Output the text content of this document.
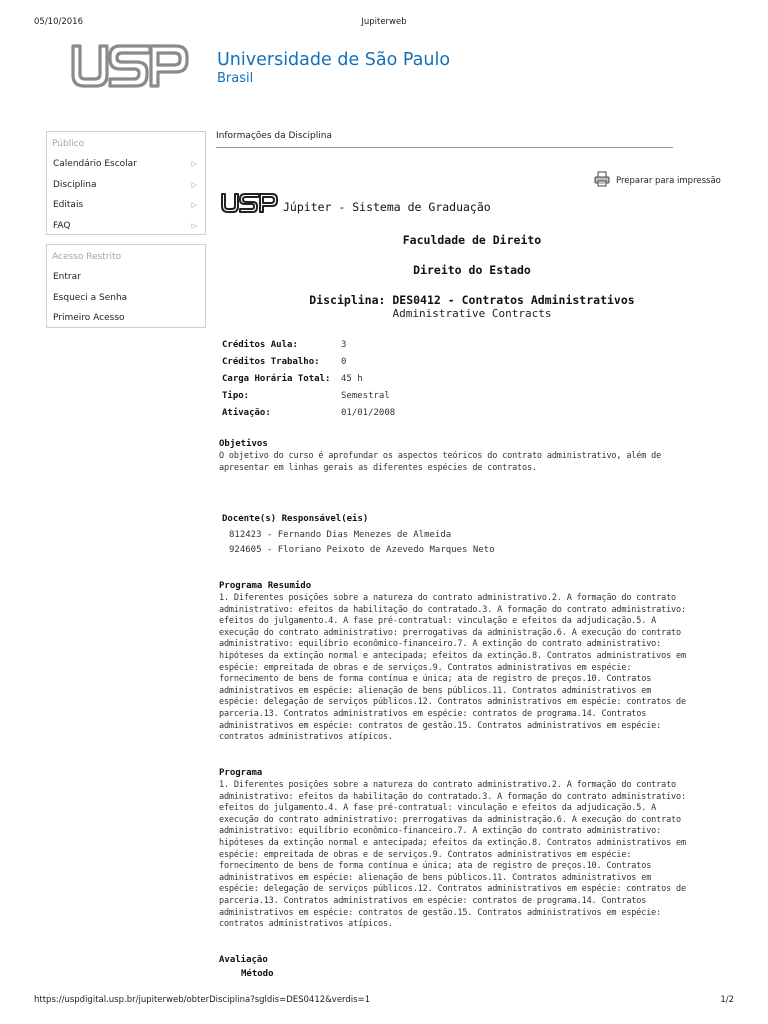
05/10/2016	Jupiterweb
Universidade de São Paulo
Brasil
Público
Calendário Escolar	▷
Disciplina	▷
Editais	▷
FAQ	▷
Acesso Restrito
Entrar
Esqueci a Senha
Primeiro Acesso
Informações da Disciplina
Preparar para impressão
Júpiter - Sistema de Graduação
Faculdade de Direito
Direito do Estado
Disciplina: DES0412 - Contratos Administrativos
Administrative Contracts
Créditos Aula:	3
Créditos Trabalho: 0
Carga Horária Total: 45 h
Tipo:	Semestral
Ativação:	01/01/2008
Objetivos
O objetivo do curso é aprofundar os aspectos teóricos do contrato administrativo, além de apresentar em linhas gerais as diferentes espécies de contratos.
Docente(s) Responsável(eis)
812423 - Fernando Dias Menezes de Almeida
924605 - Floriano Peixoto de Azevedo Marques Neto
Programa Resumido
1. Diferentes posições sobre a natureza do contrato administrativo.2. A formação do contrato administrativo: efeitos da habilitação do contratado.3. A formação do contrato administrativo: efeitos do julgamento.4. A fase pré-contratual: vinculação e efeitos da adjudicação.5. A execução do contrato administrativo: prerrogativas da administração.6. A execução do contrato administrativo: equilíbrio econômico-financeiro.7. A extinção do contrato administrativo: hipóteses da extinção normal e antecipada; efeitos da extinção.8. Contratos administrativos em espécie: empreitada de obras e de serviços.9. Contratos administrativos em espécie: fornecimento de bens de forma contínua e única; ata de registro de preços.10. Contratos administrativos em espécie: alienação de bens públicos.11. Contratos administrativos em espécie: delegação de serviços públicos.12. Contratos administrativos em espécie: contratos de parceria.13. Contratos administrativos em espécie: contratos de programa.14. Contratos administrativos em espécie: contratos de gestão.15. Contratos administrativos em espécie: contratos administrativos atípicos.
Programa
1. Diferentes posições sobre a natureza do contrato administrativo.2. A formação do contrato administrativo: efeitos da habilitação do contratado.3. A formação do contrato administrativo: efeitos do julgamento.4. A fase pré-contratual: vinculação e efeitos da adjudicação.5. A execução do contrato administrativo: prerrogativas da administração.6. A execução do contrato administrativo: equilíbrio econômico-financeiro.7. A extinção do contrato administrativo: hipóteses da extinção normal e antecipada; efeitos da extinção.8. Contratos administrativos em espécie: empreitada de obras e de serviços.9. Contratos administrativos em espécie: fornecimento de bens de forma contínua e única; ata de registro de preços.10. Contratos administrativos em espécie: alienação de bens públicos.11. Contratos administrativos em espécie: delegação de serviços públicos.12. Contratos administrativos em espécie: contratos de parceria.13. Contratos administrativos em espécie: contratos de programa.14. Contratos administrativos em espécie: contratos de gestão.15. Contratos administrativos em espécie: contratos administrativos atípicos.
Avaliação
Método
https://uspdigital.usp.br/jupiterweb/obterDisciplina?sgldis=DES0412&verdis=1	1/2
